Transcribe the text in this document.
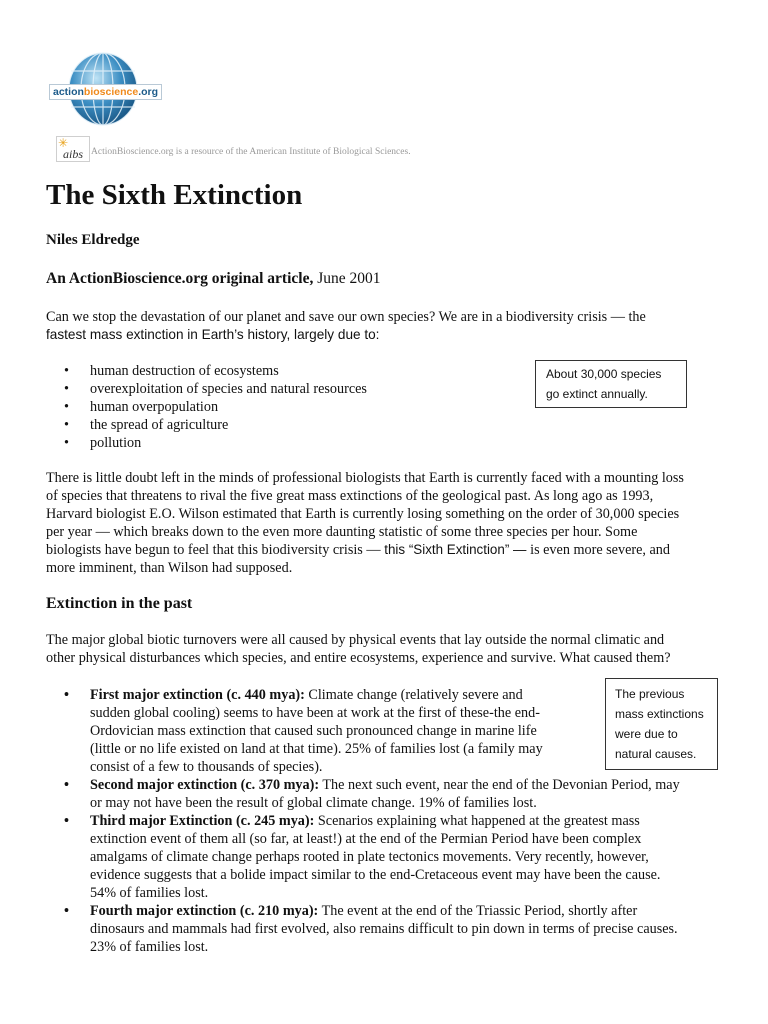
actionbioscience.org
✳
aibs ActionBioscience.org is a resource of the American Institute of Biological Sciences.
The Sixth Extinction
Niles Eldredge
An ActionBioscience.org original article, June 2001
Can we stop the devastation of our planet and save our own species? We are in a biodiversity crisis — the
fastest mass extinction in Earth’s history, largely due to:
• human destruction of ecosystems
• overexploitation of species and natural resources
• human overpopulation
• the spread of agriculture
• pollution
About 30,000 species
go extinct annually.
There is little doubt left in the minds of professional biologists that Earth is currently faced with a mounting loss
of species that threatens to rival the five great mass extinctions of the geological past. As long ago as 1993,
Harvard biologist E.O. Wilson estimated that Earth is currently losing something on the order of 30,000 species
per year — which breaks down to the even more daunting statistic of some three species per hour. Some
biologists have begun to feel that this biodiversity crisis — this “Sixth Extinction” — is even more severe, and
more imminent, than Wilson had supposed.
Extinction in the past
The major global biotic turnovers were all caused by physical events that lay outside the normal climatic and
other physical disturbances which species, and entire ecosystems, experience and survive. What caused them?
The previous
mass extinctions
were due to
natural causes.
• First major extinction (c. 440 mya): Climate change (relatively severe and
sudden global cooling) seems to have been at work at the first of these-the end-
Ordovician mass extinction that caused such pronounced change in marine life
(little or no life existed on land at that time). 25% of families lost (a family may
consist of a few to thousands of species).
• Second major extinction (c. 370 mya): The next such event, near the end of the Devonian Period, may
or may not have been the result of global climate change. 19% of families lost.
• Third major Extinction (c. 245 mya): Scenarios explaining what happened at the greatest mass
extinction event of them all (so far, at least!) at the end of the Permian Period have been complex
amalgams of climate change perhaps rooted in plate tectonics movements. Very recently, however,
evidence suggests that a bolide impact similar to the end-Cretaceous event may have been the cause.
54% of families lost.
• Fourth major extinction (c. 210 mya): The event at the end of the Triassic Period, shortly after
dinosaurs and mammals had first evolved, also remains difficult to pin down in terms of precise causes.
23% of families lost.
